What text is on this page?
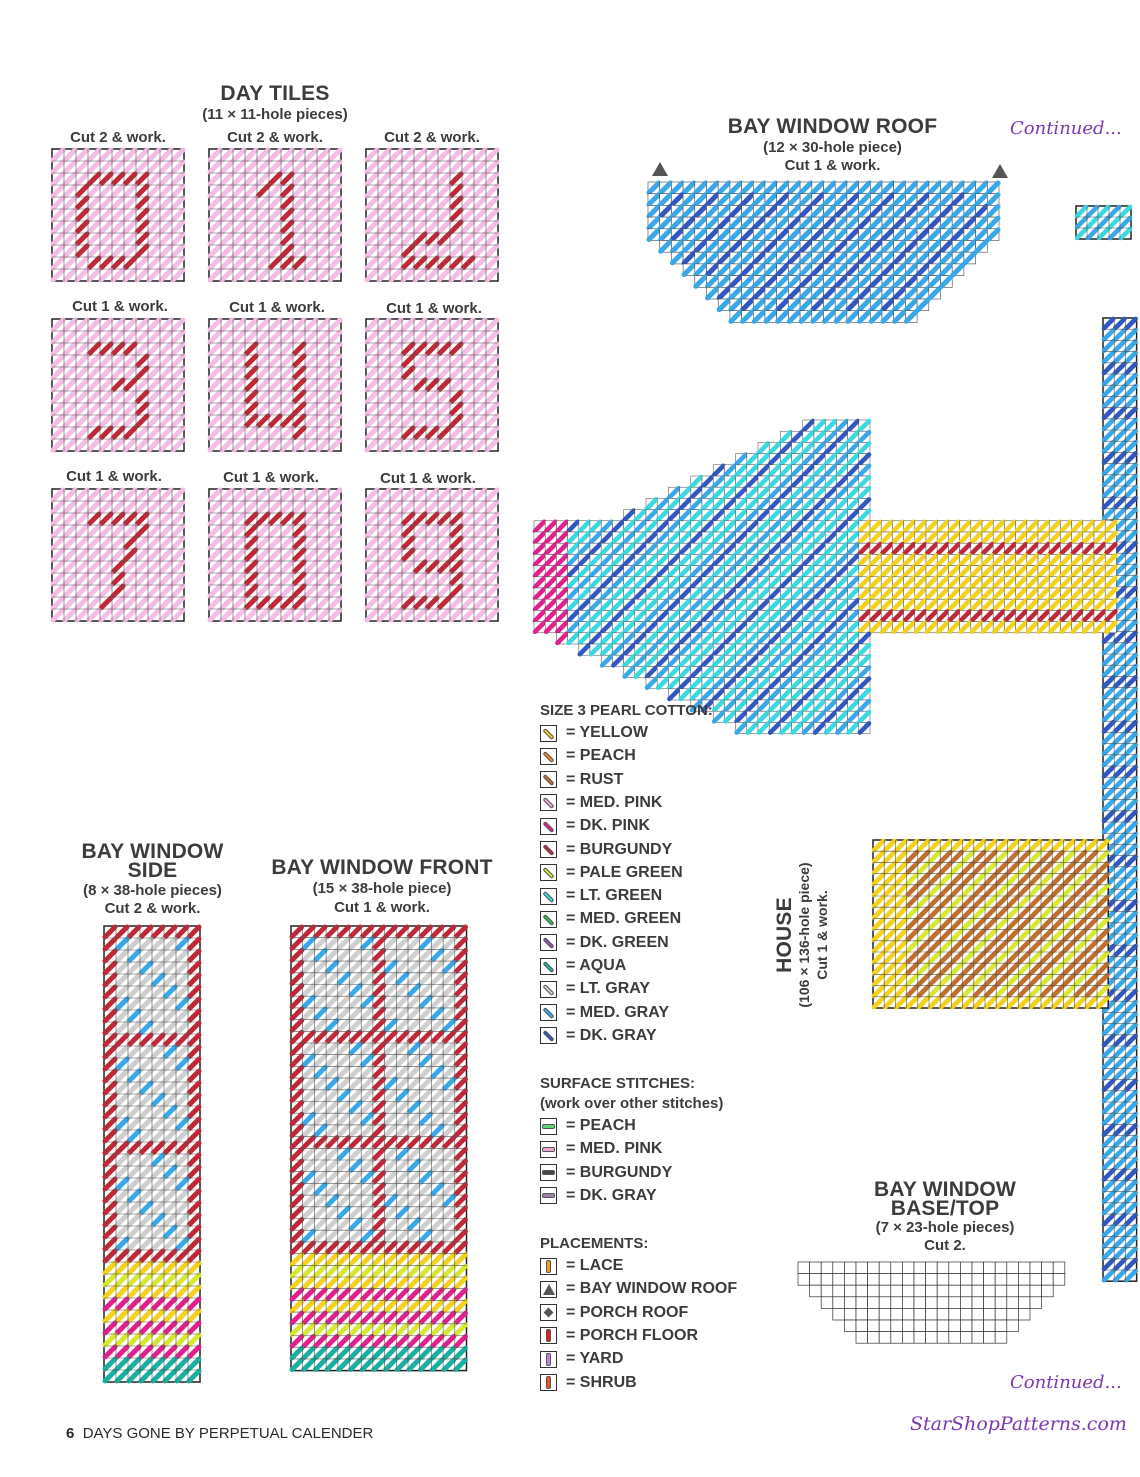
DAY TILES
(11 × 11-hole pieces)
Cut 2 & work.	Cut 2 & work.	Cut 2 & work.
Cut 1 & work.	Cut 1 & work.	Cut 1 & work.
Cut 1 & work.	Cut 1 & work.	Cut 1 & work.
BAY WINDOW ROOF
(12 × 30-hole piece)
Cut 1 & work.
Continued...
BAY WINDOW
SIDE
(8 × 38-hole pieces)
Cut 2 & work.
BAY WINDOW FRONT
(15 × 38-hole piece)
Cut 1 & work.	HOUSE (106 × 136-hole piece) Cut 1 & work.
BAY WINDOW
BASE/TOP
(7 × 23-hole pieces)
Cut 2.
Continued...
SIZE 3 PEARL COTTON:
= YELLOW
= PEACH
= RUST
= MED. PINK
= DK. PINK
= BURGUNDY
= PALE GREEN
= LT. GREEN
= MED. GREEN
= DK. GREEN
= AQUA
= LT. GRAY
= MED. GRAY
= DK. GRAY
SURFACE STITCHES:
(work over other stitches)
= PEACH
= MED. PINK
= BURGUNDY
= DK. GRAY
PLACEMENTS:
= LACE
= BAY WINDOW ROOF
= PORCH ROOF
= PORCH FLOOR
= YARD
= SHRUB
6 DAYS GONE BY PERPETUAL CALENDER	StarShopPatterns.com
